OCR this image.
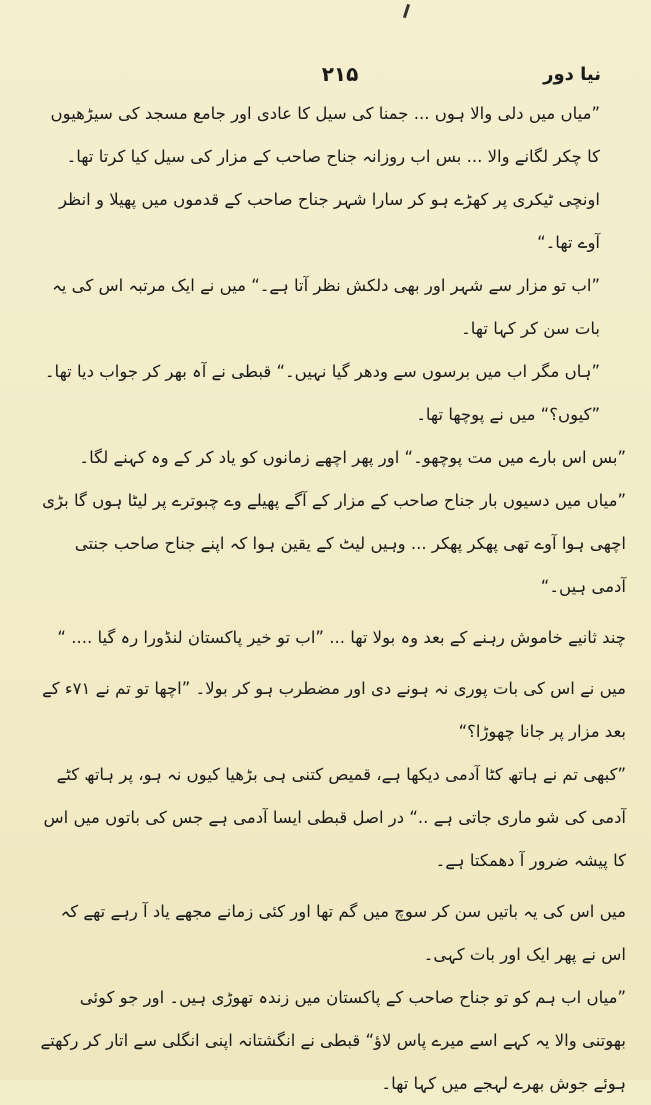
۲۱۵	نیا دور

”میاں میں دلی والا ہوں ... جمنا کی سیل کا عادی اور جامع مسجد کی سیڑھیوں کا چکر لگانے والا ... بس اب روزانہ جناح صاحب کے مزار کی سیل کیا کرتا تھا۔ اونچی ٹیکری پر کھڑے ہو کر سارا شہر جناح صاحب کے قدموں میں پھیلا و انظر آوے تھا۔“

”اب تو مزار سے شہر اور بھی دلکش نظر آتا ہے۔“ میں نے ایک مرتبہ اس کی یہ بات سن کر کہا تھا۔

”ہاں مگر اب میں برسوں سے ودھر گیا نہیں۔“ قبطی نے آہ بھر کر جواب دیا تھا۔

”کیوں؟“ میں نے پوچھا تھا۔

”بس اس بارے میں مت پوچھو۔“ اور پھر اچھے زمانوں کو یاد کر کے وہ کہنے لگا۔

”میاں میں دسیوں بار جناح صاحب کے مزار کے آگے پھیلے وے چبوترے پر لیٹا ہوں گا بڑی اچھی ہوا آوے تھی پھکر پھکر ... وہیں لیٹ کے یقین ہوا کہ اپنے جناح صاحب جنتی آدمی ہیں۔“

چند ثانیے خاموش رہنے کے بعد وہ بولا تھا ... ”اب تو خیر پاکستان لنڈورا رہ گیا .... “

میں نے اس کی بات پوری نہ ہونے دی اور مضطرب ہو کر بولا۔ ”اچھا تو تم نے ۷۱ء کے بعد مزار پر جانا چھوڑا؟“

”کبھی تم نے ہاتھ کٹا آدمی دیکھا ہے، قمیص کتنی ہی بڑھیا کیوں نہ ہو، پر ہاتھ کٹے آدمی کی شو ماری جاتی ہے ..“ در اصل قبطی ایسا آدمی ہے جس کی باتوں میں اس کا پیشہ ضرور آ دھمکتا ہے۔

میں اس کی یہ باتیں سن کر سوچ میں گم تھا اور کئی زمانے مجھے یاد آ رہے تھے کہ اس نے پھر ایک اور بات کہی۔

”میاں اب ہم کو تو جناح صاحب کے پاکستان میں زندہ تھوڑی ہیں۔ اور جو کوئی بھوتنی والا یہ کہے اسے میرے پاس لاؤ“ قبطی نے انگشتانہ اپنی انگلی سے اتار کر رکھتے ہوئے جوش بھرے لہجے میں کہا تھا۔
